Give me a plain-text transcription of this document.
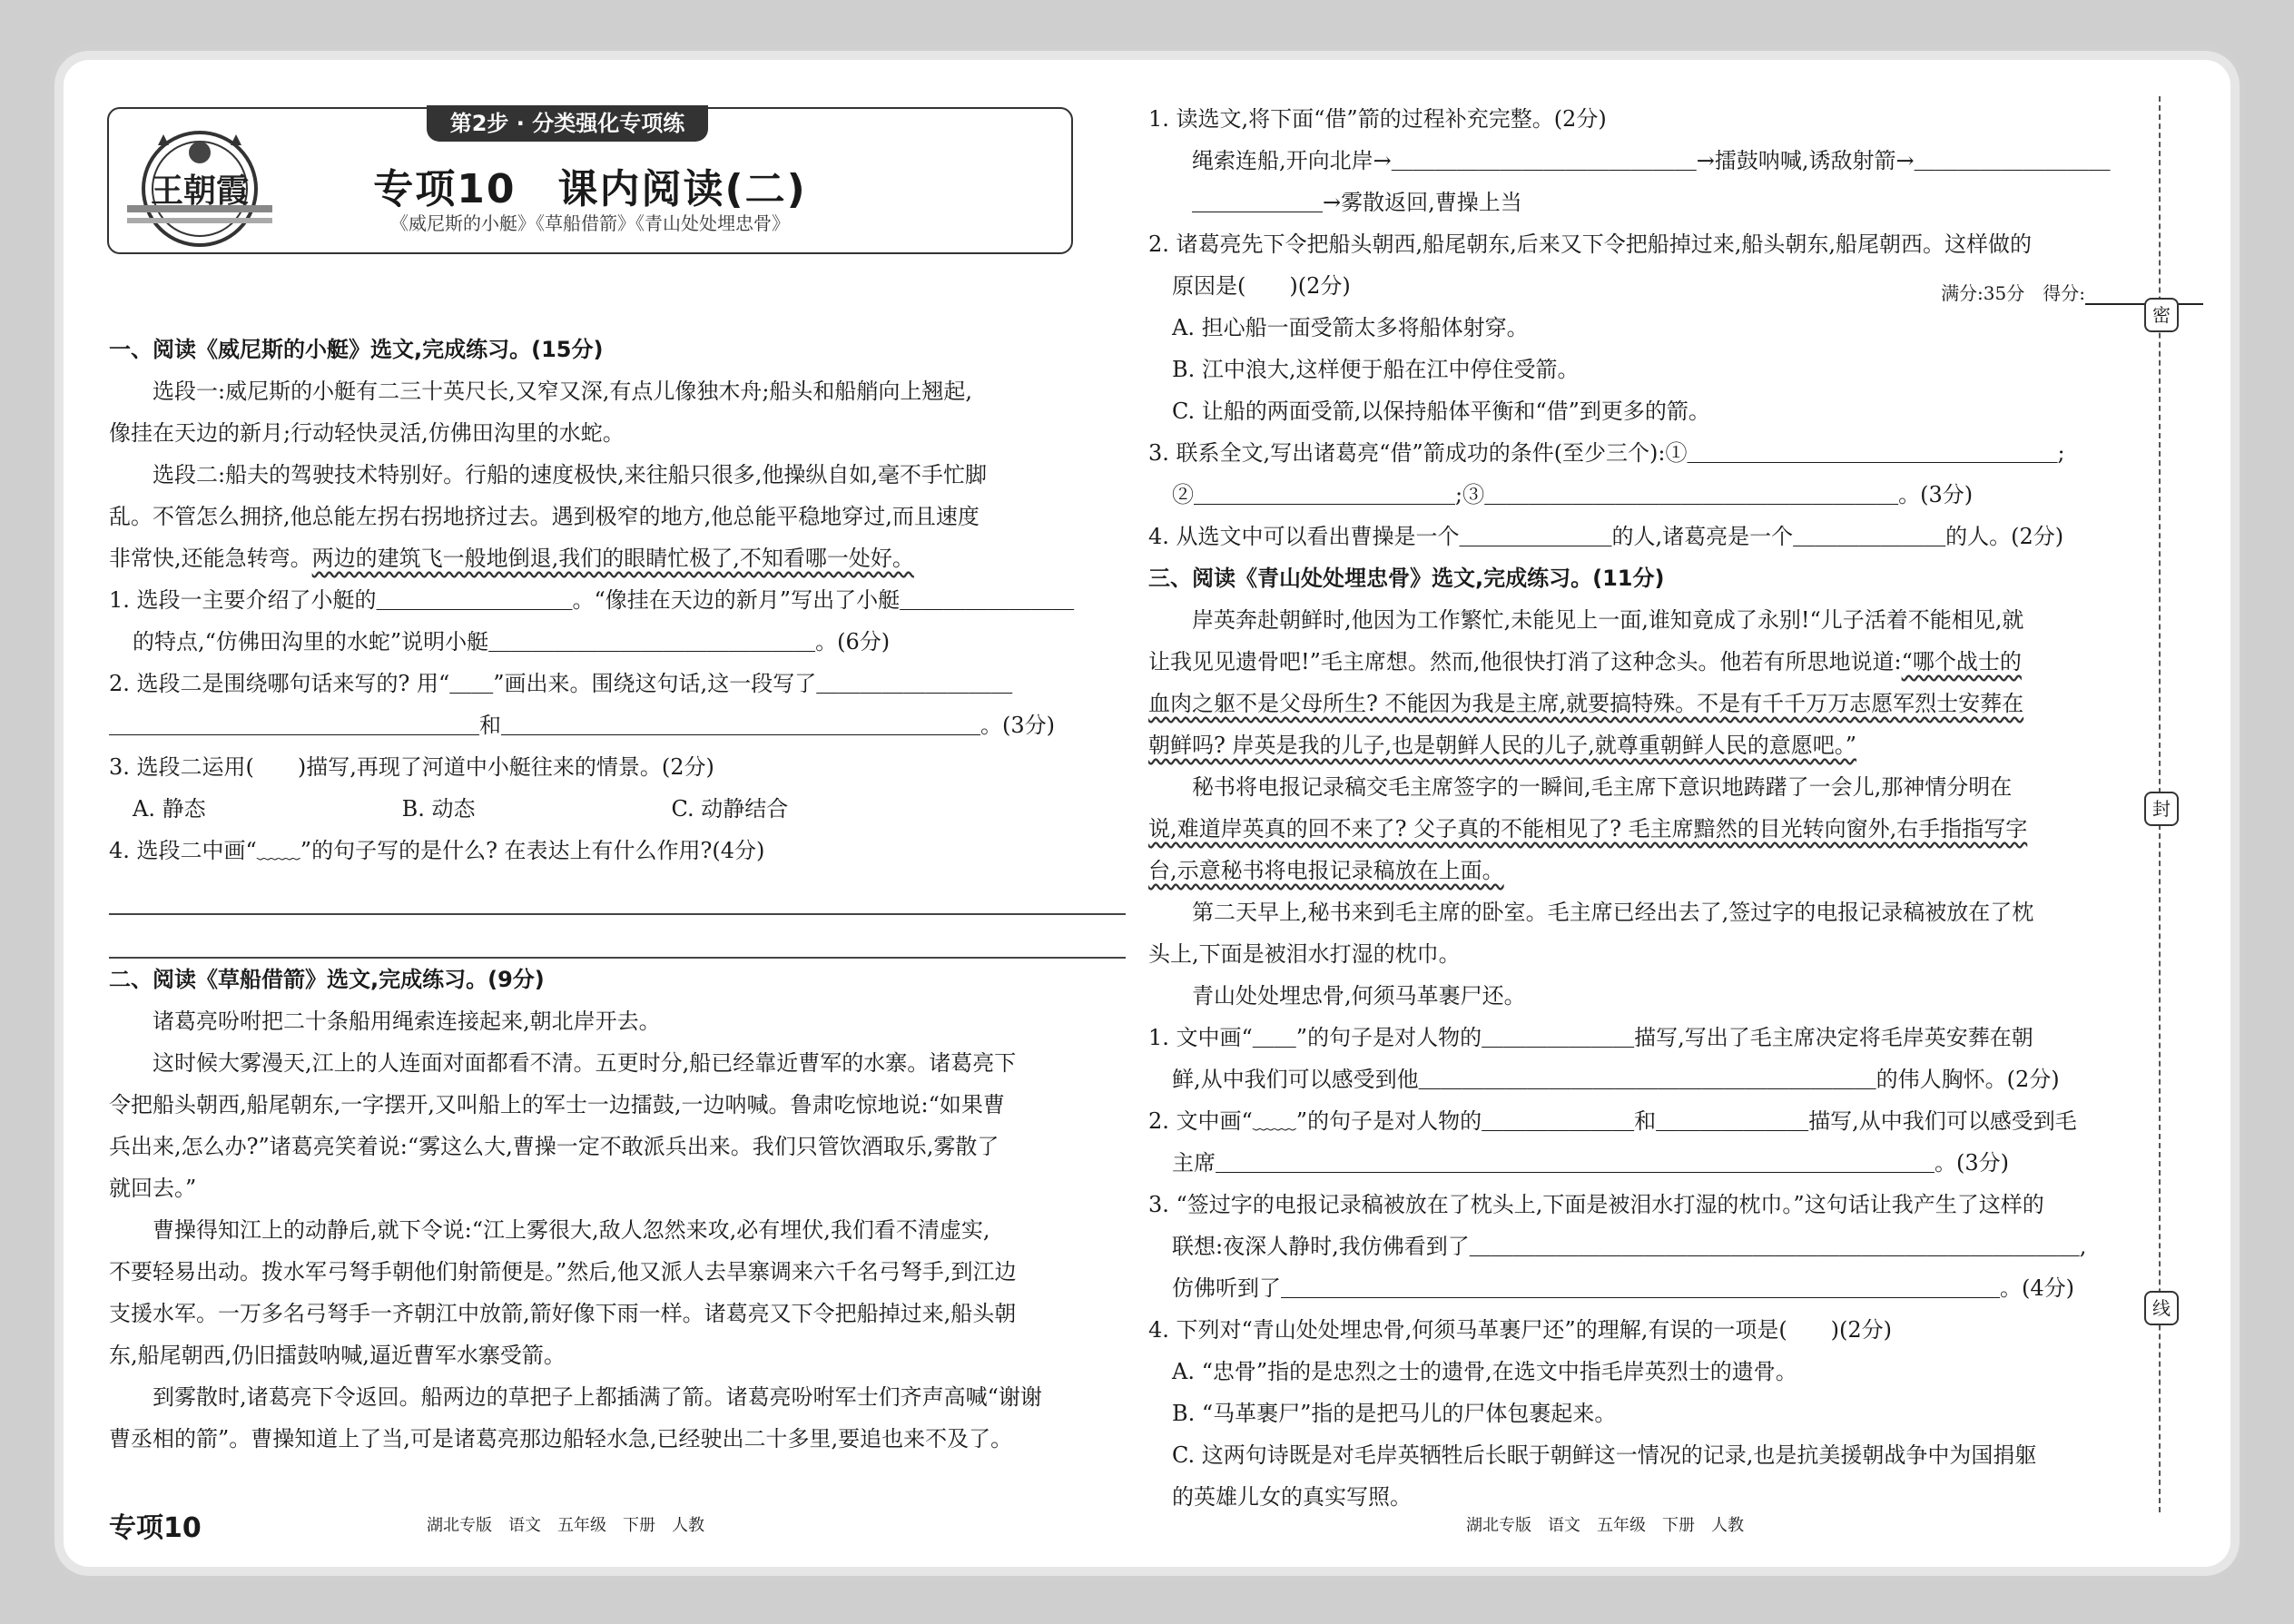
专项10　课内阅读(二)
《威尼斯的小艇》《草船借箭》《青山处处埋忠骨》
第2步 · 分类强化专项练
王朝霞
满分:35分　得分:
一、阅读《威尼斯的小艇》选文,完成练习。(15分)
选段一:威尼斯的小艇有二三十英尺长,又窄又深,有点儿像独木舟;船头和船艄向上翘起,
像挂在天边的新月;行动轻快灵活,仿佛田沟里的水蛇。
选段二:船夫的驾驶技术特别好。行船的速度极快,来往船只很多,他操纵自如,毫不手忙脚
乱。不管怎么拥挤,他总能左拐右拐地挤过去。遇到极窄的地方,他总能平稳地穿过,而且速度
非常快,还能急转弯。两边的建筑飞一般地倒退,我们的眼睛忙极了,不知看哪一处好。
1. 选段一主要介绍了小艇的＿＿＿＿＿＿＿＿＿。“像挂在天边的新月”写出了小艇＿＿＿＿＿＿＿＿
的特点,“仿佛田沟里的水蛇”说明小艇＿＿＿＿＿＿＿＿＿＿＿＿＿＿＿。(6分)
2. 选段二是围绕哪句话来写的? 用“＿＿”画出来。围绕这句话,这一段写了＿＿＿＿＿＿＿＿＿
＿＿＿＿＿＿＿＿＿＿＿＿＿＿＿＿＿和＿＿＿＿＿＿＿＿＿＿＿＿＿＿＿＿＿＿＿＿＿＿。(3分)
3. 选段二运用(　　)描写,再现了河道中小艇往来的情景。(2分)
A. 静态　　　　　　　　　B. 动态　　　　　　　　　C. 动静结合
4. 选段二中画“﹏﹏”的句子写的是什么? 在表达上有什么作用?(4分)
二、阅读《草船借箭》选文,完成练习。(9分)
诸葛亮吩咐把二十条船用绳索连接起来,朝北岸开去。
这时候大雾漫天,江上的人连面对面都看不清。五更时分,船已经靠近曹军的水寨。诸葛亮下
令把船头朝西,船尾朝东,一字摆开,又叫船上的军士一边擂鼓,一边呐喊。鲁肃吃惊地说:“如果曹
兵出来,怎么办?”诸葛亮笑着说:“雾这么大,曹操一定不敢派兵出来。我们只管饮酒取乐,雾散了
就回去。”
曹操得知江上的动静后,就下令说:“江上雾很大,敌人忽然来攻,必有埋伏,我们看不清虚实,
不要轻易出动。拨水军弓弩手朝他们射箭便是。”然后,他又派人去旱寨调来六千名弓弩手,到江边
支援水军。一万多名弓弩手一齐朝江中放箭,箭好像下雨一样。诸葛亮又下令把船掉过来,船头朝
东,船尾朝西,仍旧擂鼓呐喊,逼近曹军水寨受箭。
到雾散时,诸葛亮下令返回。船两边的草把子上都插满了箭。诸葛亮吩咐军士们齐声高喊“谢谢
曹丞相的箭”。曹操知道上了当,可是诸葛亮那边船轻水急,已经驶出二十多里,要追也来不及了。
1. 读选文,将下面“借”箭的过程补充完整。(2分)
绳索连船,开向北岸→＿＿＿＿＿＿＿＿＿＿＿＿＿＿→擂鼓呐喊,诱敌射箭→＿＿＿＿＿＿＿＿＿
＿＿＿＿＿＿→雾散返回,曹操上当
2. 诸葛亮先下令把船头朝西,船尾朝东,后来又下令把船掉过来,船头朝东,船尾朝西。这样做的
原因是(　　)(2分)
A. 担心船一面受箭太多将船体射穿。
B. 江中浪大,这样便于船在江中停住受箭。
C. 让船的两面受箭,以保持船体平衡和“借”到更多的箭。
3. 联系全文,写出诸葛亮“借”箭成功的条件(至少三个):①＿＿＿＿＿＿＿＿＿＿＿＿＿＿＿＿＿;
②＿＿＿＿＿＿＿＿＿＿＿＿;③＿＿＿＿＿＿＿＿＿＿＿＿＿＿＿＿＿＿＿。(3分)
4. 从选文中可以看出曹操是一个＿＿＿＿＿＿＿的人,诸葛亮是一个＿＿＿＿＿＿＿的人。(2分)
三、阅读《青山处处埋忠骨》选文,完成练习。(11分)
岸英奔赴朝鲜时,他因为工作繁忙,未能见上一面,谁知竟成了永别!“儿子活着不能相见,就
让我见见遗骨吧!”毛主席想。然而,他很快打消了这种念头。他若有所思地说道:“哪个战士的
血肉之躯不是父母所生? 不能因为我是主席,就要搞特殊。不是有千千万万志愿军烈士安葬在
朝鲜吗? 岸英是我的儿子,也是朝鲜人民的儿子,就尊重朝鲜人民的意愿吧。”
秘书将电报记录稿交毛主席签字的一瞬间,毛主席下意识地踌躇了一会儿,那神情分明在
说,难道岸英真的回不来了? 父子真的不能相见了? 毛主席黯然的目光转向窗外,右手指指写字
台,示意秘书将电报记录稿放在上面。
第二天早上,秘书来到毛主席的卧室。毛主席已经出去了,签过字的电报记录稿被放在了枕
头上,下面是被泪水打湿的枕巾。
青山处处埋忠骨,何须马革裹尸还。
1. 文中画“＿＿”的句子是对人物的＿＿＿＿＿＿＿描写,写出了毛主席决定将毛岸英安葬在朝
鲜,从中我们可以感受到他＿＿＿＿＿＿＿＿＿＿＿＿＿＿＿＿＿＿＿＿＿的伟人胸怀。(2分)
2. 文中画“﹏﹏”的句子是对人物的＿＿＿＿＿＿＿和＿＿＿＿＿＿＿描写,从中我们可以感受到毛
主席＿＿＿＿＿＿＿＿＿＿＿＿＿＿＿＿＿＿＿＿＿＿＿＿＿＿＿＿＿＿＿＿＿。(3分)
3. “签过字的电报记录稿被放在了枕头上,下面是被泪水打湿的枕巾。”这句话让我产生了这样的
联想:夜深人静时,我仿佛看到了＿＿＿＿＿＿＿＿＿＿＿＿＿＿＿＿＿＿＿＿＿＿＿＿＿＿＿＿,
仿佛听到了＿＿＿＿＿＿＿＿＿＿＿＿＿＿＿＿＿＿＿＿＿＿＿＿＿＿＿＿＿＿＿＿＿。(4分)
4. 下列对“青山处处埋忠骨,何须马革裹尸还”的理解,有误的一项是(　　)(2分)
A. “忠骨”指的是忠烈之士的遗骨,在选文中指毛岸英烈士的遗骨。
B. “马革裹尸”指的是把马儿的尸体包裹起来。
C. 这两句诗既是对毛岸英牺牲后长眠于朝鲜这一情况的记录,也是抗美援朝战争中为国捐躯
的英雄儿女的真实写照。
密
封
线
专项10	湖北专版　语文　五年级　下册　人教	湖北专版　语文　五年级　下册　人教
